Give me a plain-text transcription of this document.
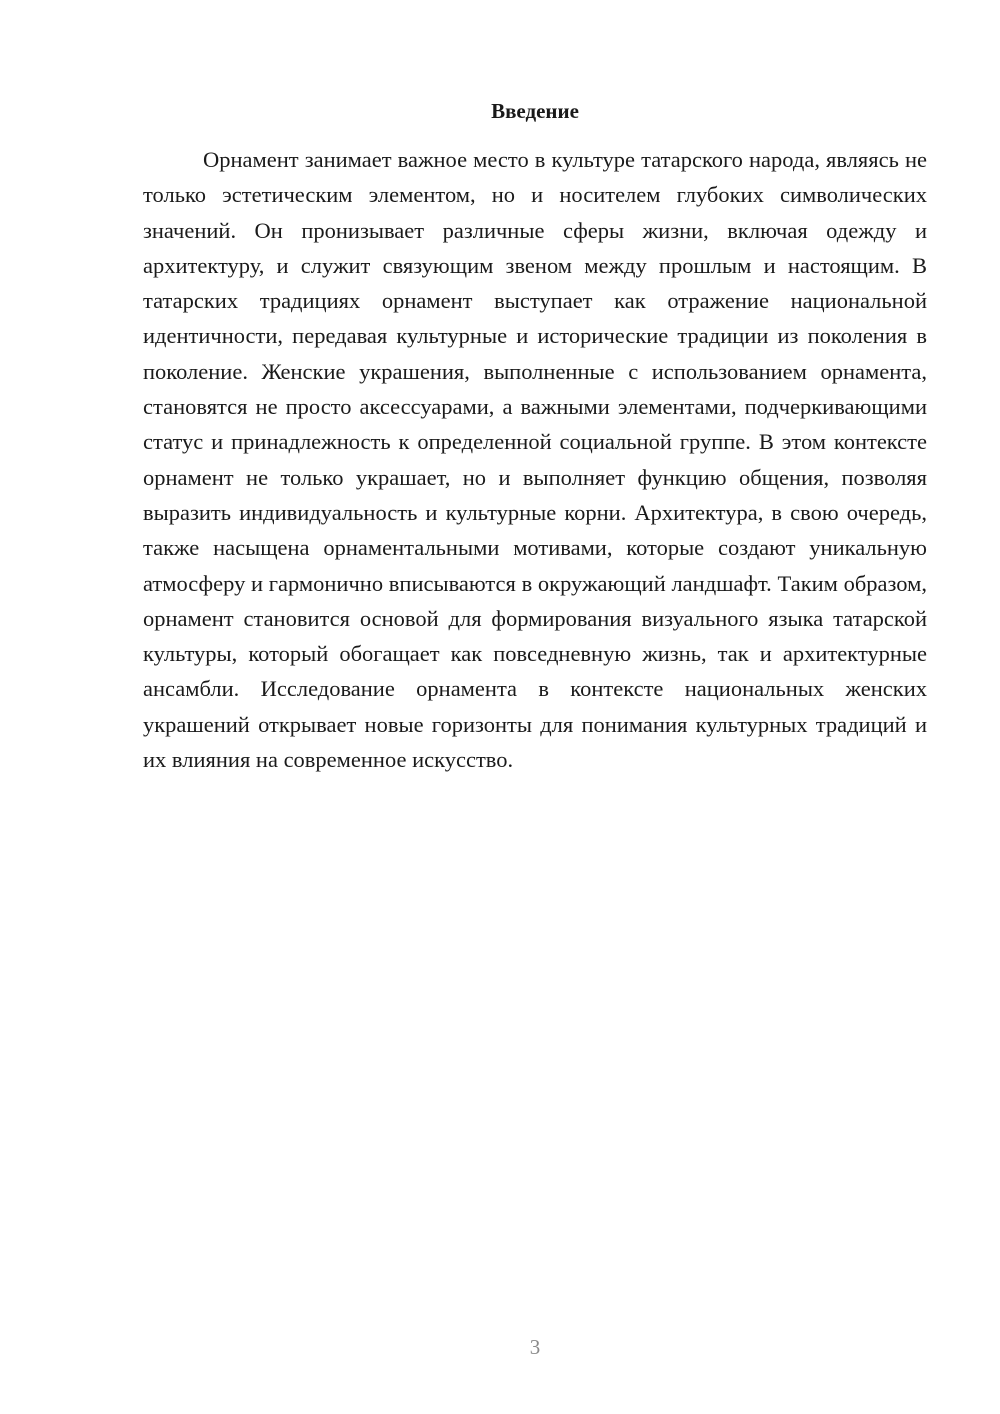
Введение

Орнамент занимает важное место в культуре татарского народа, являясь не только эстетическим элементом, но и носителем глубоких символических значений. Он пронизывает различные сферы жизни, включая одежду и архитектуру, и служит связующим звеном между прошлым и настоящим. В татарских традициях орнамент выступает как отражение национальной идентичности, передавая культурные и исторические традиции из поколения в поколение. Женские украшения, выполненные с использованием орнамента, становятся не просто аксессуарами, а важными элементами, подчеркивающими статус и принадлежность к определенной социальной группе. В этом контексте орнамент не только украшает, но и выполняет функцию общения, позволяя выразить индивидуальность и культурные корни. Архитектура, в свою очередь, также насыщена орнаментальными мотивами, которые создают уникальную атмосферу и гармонично вписываются в окружающий ландшафт. Таким образом, орнамент становится основой для формирования визуального языка татарской культуры, который обогащает как повседневную жизнь, так и архитектурные ансамбли. Исследование орнамента в контексте национальных женских украшений открывает новые горизонты для понимания культурных традиций и их влияния на современное искусство.

3
